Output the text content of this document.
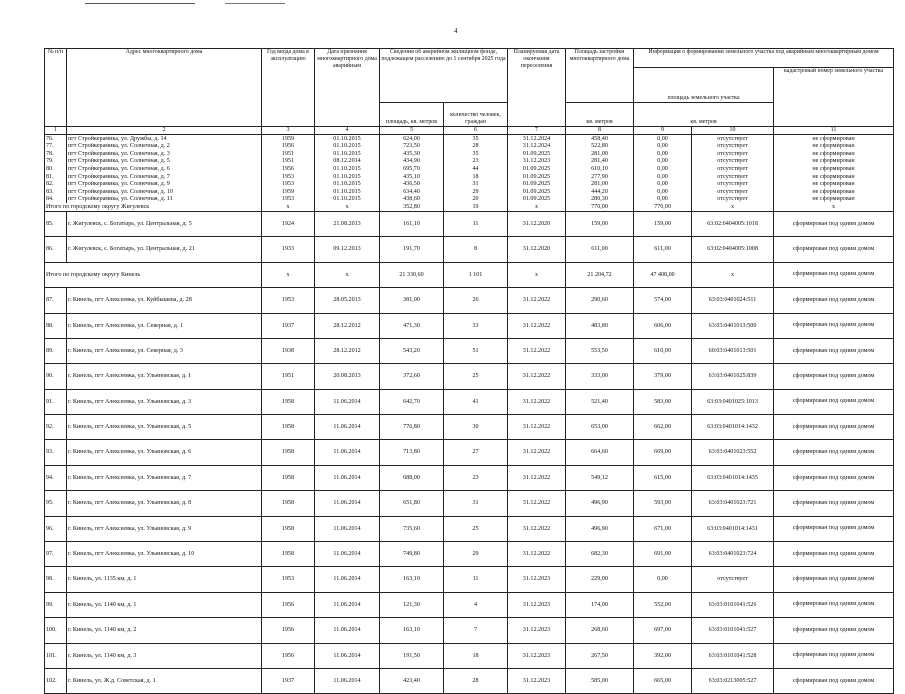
4
№ п/п	Адрес многоквартирного дома	Год ввода дома в эксплуатацию	Дата признания многоквартирного дома аварийным	Сведения об аварийном жилищном фонде, подлежащем расселению до 1 сентября 2025 года		Планируемая дата окончания переселения	Площадь застройки многоквартирного дома	Информация о формировании земельного участка под аварийным многоквартирным домом		
								площадь земельного участка		кадастровый номер земельного участка
				площадь, кв. метров	количество человек, граждан		кв. метров	кв. метров		
1	2	3	4	5	6	7	8	9	10	11
76.	пгт Стройкерамика, ул. Дружбы, д. 14	1959	01.10.2015	624,00	35	31.12.2024	458,40	0,00	отсутствует	не сформирован
77.	пгт Стройкерамика, ул. Солнечная, д. 2	1956	01.10.2015	723,50	28	31.12.2024	522,80	0,00	отсутствует	не сформирован
78.	пгт Стройкерамика, ул. Солнечная, д. 3	1951	01.10.2015	435,30	35	01.09.2025	281,00	0,00	отсутствует	не сформирован
79.	пгт Стройкерамика, ул. Солнечная, д. 5	1951	08.12.2014	434,90	23	31.12.2023	281,40	0,00	отсутствует	не сформирован
80.	пгт Стройкерамика, ул. Солнечная, д. 6	1956	01.10.2015	695,70	44	01.09.2025	610,10	0,00	отсутствует	не сформирован
81.	пгт Стройкерамика, ул. Солнечная, д. 7	1953	01.10.2015	435,10	18	01.09.2025	277,90	0,00	отсутствует	не сформирован
82.	пгт Стройкерамика, ул. Солнечная, д. 9	1953	01.10.2015	436,50	31	01.09.2025	281,00	0,00	отсутствует	не сформирован
83.	пгт Стройкерамика, ул. Солнечная, д. 10	1959	01.10.2015	634,40	29	01.09.2025	444,20	0,00	отсутствует	не сформирован
84.	пгт Стройкерамика, ул. Солнечная, д. 11	1953	01.10.2015	438,60	20	01.09.2025	280,30	0,00	отсутствует	не сформирован
Итого по городскому округу Жигулевск		x	x	352,80	19	x	770,00	770,00	x	x
85.	г. Жигулевск, с. Богатырь, ул. Центральная, д. 5	1924	21.08.2013	161,10	11	31.12.2020	159,00	159,00	63:02:0404005:1018	сформирован под одним домом
86.	г. Жигулевск, с. Богатырь, ул. Центральная, д. 21	1933	09.12.2013	191,70	8	31.12.2020	611,00	611,00	63:02:0404005:1008	сформирован под одним домом
Итого по городскому округу Кинель		x	x	21 330,60	1 101	x	21 204,72	47 408,00	x	сформирован под одним домом
87.	г. Кинель, пгт Алексеевка, ул. Куйбышева, д. 28	1953	28.05.2013	381,00	26	31.12.2022	290,60	574,00	63:03:0401024:511	сформирован под одним домом
88.	г. Кинель, пгт Алексеевка, ул. Северная, д. 1	1937	28.12.2012	471,30	33	31.12.2022	483,80	606,00	63:03:0401013:500	сформирован под одним домом
89.	г. Кинель, пгт Алексеевка, ул. Северная, д. 3	1938	28.12.2012	543,20	51	31.12.2022	553,50	610,00	60:03:0401013:501	сформирован под одним домом
90.	г. Кинель, пгт Алексеевка, ул. Ульяновская, д. 1	1951	20.08.2013	372,60	25	31.12.2022	333,00	379,00	63:03:0401025:839	сформирован под одним домом
91.	г. Кинель, пгт Алексеевка, ул. Ульяновская, д. 3	1958	11.06.2014	642,70	41	31.12.2022	521,40	583,00	63:03:0401025:1013	сформирован под одним домом
92.	г. Кинель, пгт Алексеевка, ул. Ульяновская, д. 5	1958	11.06.2014	776,80	30	31.12.2022	653,00	662,00	63:03:0401014:1432	сформирован под одним домом
93.	г. Кинель, пгт Алексеевка, ул. Ульяновская, д. 6	1958	11.06.2014	713,80	27	31.12.2022	664,60	669,00	63:03:0401023:552	сформирован под одним домом
94.	г. Кинель, пгт Алексеевка, ул. Ульяновская, д. 7	1958	11.06.2014	688,00	23	31.12.2022	549,12	615,00	63:03:0401014:1435	сформирован под одним домом
95.	г. Кинель, пгт Алексеевка, ул. Ульяновская, д. 8	1958	11.06.2014	651,80	31	31.12.2022	496,90	593,00	63:03:0401023:721	сформирован под одним домом
96.	г. Кинель, пгт Алексеевка, ул. Ульяновская, д. 9	1958	11.06.2014	735,60	25	31.12.2022	496,90	671,00	63:03:0401014:1431	сформирован под одним домом
97.	г. Кинель, пгт Алексеевка, ул. Ульяновская, д. 10	1958	11.06.2014	749,80	29	31.12.2022	682,30	691,00	63:03:0401023:724	сформирован под одним домом
98.	г. Кинель, ул. 1135 км, д. 1	1953	11.06.2014	163,10	11	31.12.2023	229,00	0,00	отсутствует	сформирован под одним домом
99.	г. Кинель, ул. 1140 км, д. 1	1956	11.06.2014	121,30	4	31.12.2023	174,00	552,00	63:03:0101041:526	сформирован под одним домом
100.	г. Кинель, ул. 1140 км, д. 2	1956	11.06.2014	163,10	7	31.12.2023	268,60	697,00	63:03:0101041:527	сформирован под одним домом
101.	г. Кинель, ул. 1140 км, д. 3	1956	11.06.2014	191,50	18	31.12.2023	267,50	392,00	63:03:0101041:528	сформирован под одним домом
102.	г. Кинель, ул. Ж.д. Советская, д. 1	1937	11.06.2014	423,40	28	31.12.2023	585,00	665,00	63:03:0213005:527	сформирован под одним домом
